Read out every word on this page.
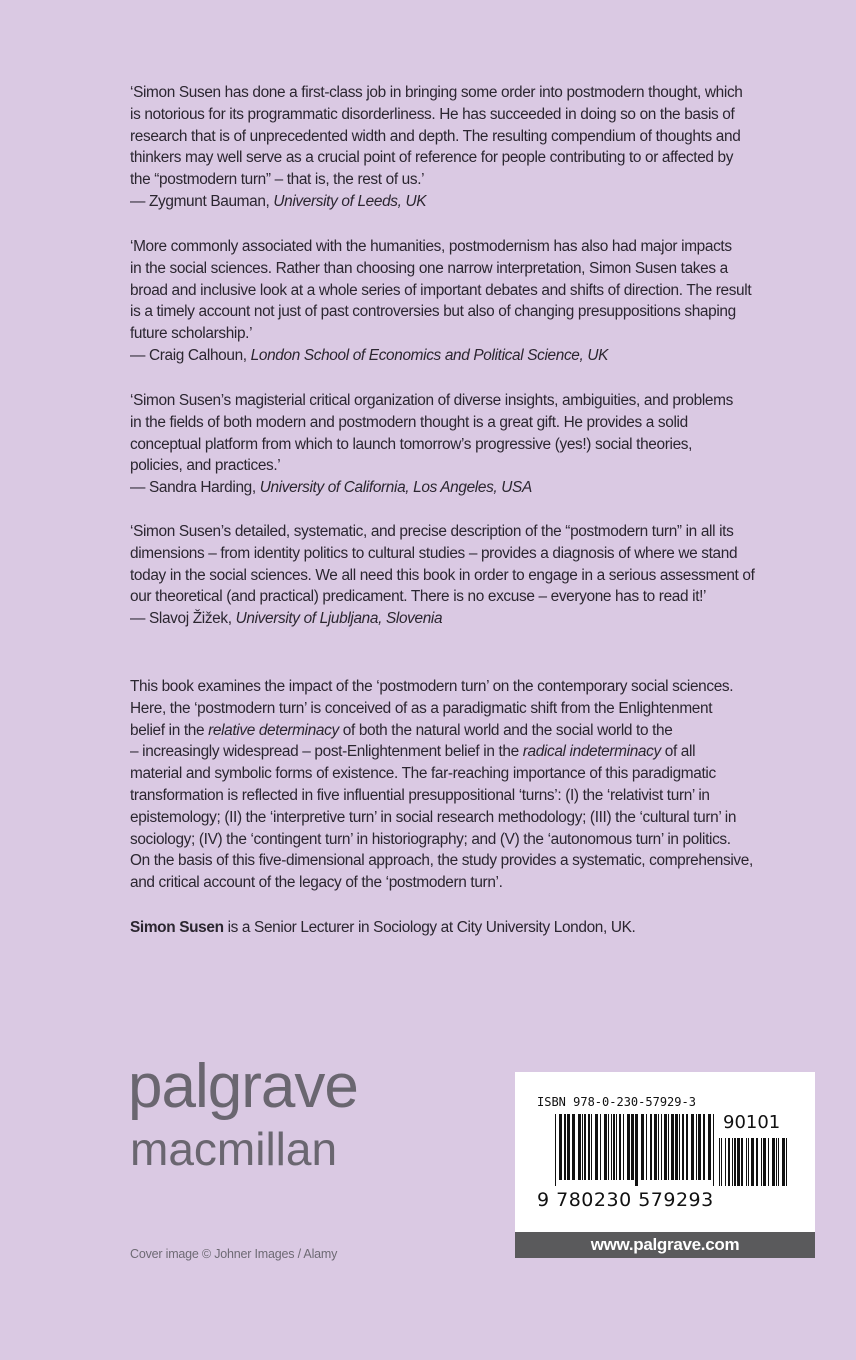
‘Simon Susen has done a first-class job in bringing some order into postmodern thought, which
is notorious for its programmatic disorderliness. He has succeeded in doing so on the basis of
research that is of unprecedented width and depth. The resulting compendium of thoughts and
thinkers may well serve as a crucial point of reference for people contributing to or affected by
the “postmodern turn” – that is, the rest of us.’
— Zygmunt Bauman, University of Leeds, UK
‘More commonly associated with the humanities, postmodernism has also had major impacts
in the social sciences. Rather than choosing one narrow interpretation, Simon Susen takes a
broad and inclusive look at a whole series of important debates and shifts of direction. The result
is a timely account not just of past controversies but also of changing presuppositions shaping
future scholarship.’
— Craig Calhoun, London School of Economics and Political Science, UK
‘Simon Susen’s magisterial critical organization of diverse insights, ambiguities, and problems
in the fields of both modern and postmodern thought is a great gift. He provides a solid
conceptual platform from which to launch tomorrow’s progressive (yes!) social theories,
policies, and practices.’
— Sandra Harding, University of California, Los Angeles, USA
‘Simon Susen’s detailed, systematic, and precise description of the “postmodern turn” in all its
dimensions – from identity politics to cultural studies – provides a diagnosis of where we stand
today in the social sciences. We all need this book in order to engage in a serious assessment of
our theoretical (and practical) predicament. There is no excuse – everyone has to read it!’
— Slavoj Žižek, University of Ljubljana, Slovenia
This book examines the impact of the ‘postmodern turn’ on the contemporary social sciences.
Here, the ‘postmodern turn’ is conceived of as a paradigmatic shift from the Enlightenment
belief in the relative determinacy of both the natural world and the social world to the
– increasingly widespread – post-Enlightenment belief in the radical indeterminacy of all
material and symbolic forms of existence. The far-reaching importance of this paradigmatic
transformation is reflected in five influential presuppositional ‘turns’: (I) the ‘relativist turn’ in
epistemology; (II) the ‘interpretive turn’ in social research methodology; (III) the ‘cultural turn’ in
sociology; (IV) the ‘contingent turn’ in historiography; and (V) the ‘autonomous turn’ in politics.
On the basis of this five-dimensional approach, the study provides a systematic, comprehensive,
and critical account of the legacy of the ‘postmodern turn’.
Simon Susen is a Senior Lecturer in Sociology at City University London, UK.
palgrave
macmillan
Cover image © Johner Images / Alamy
ISBN 978-0-230-57929-3
9 780230 579293
90101
www.palgrave.com
